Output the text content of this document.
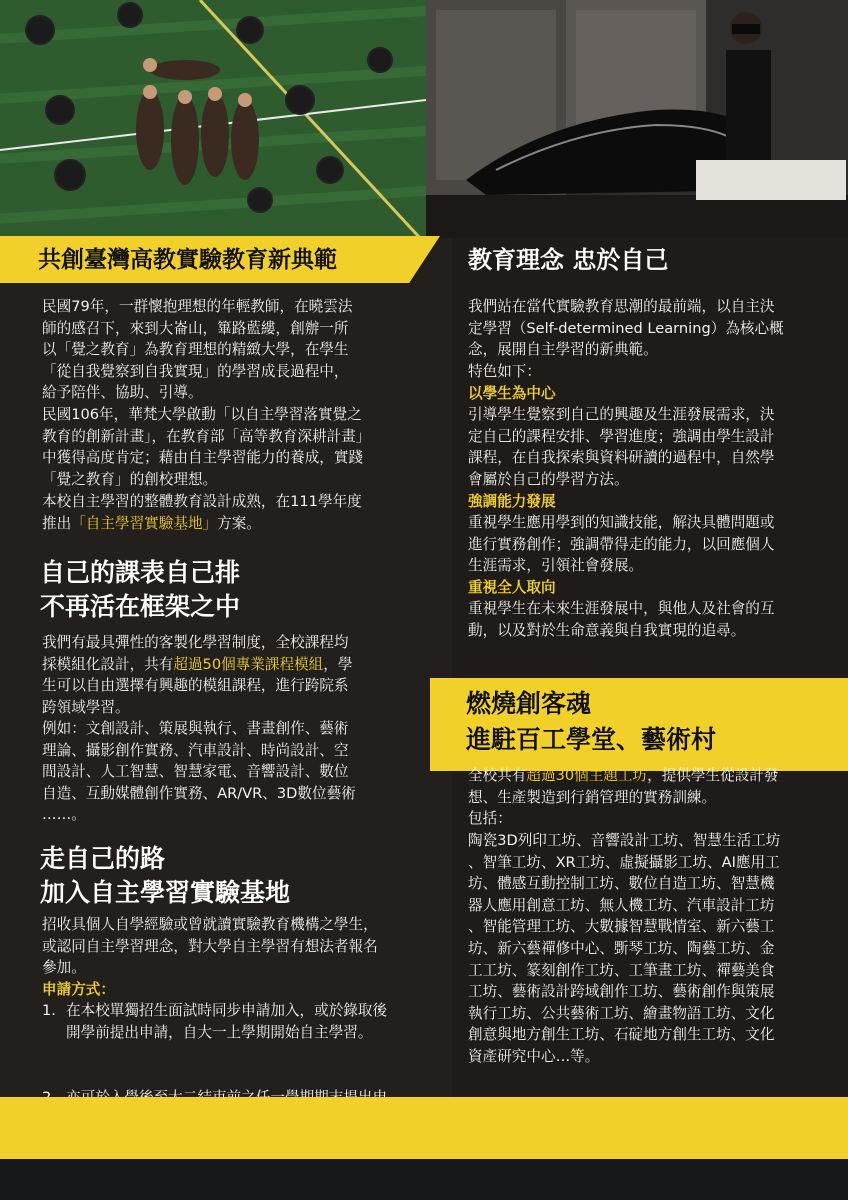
共創臺灣高教實驗教育新典範
民國79年，一群懷抱理想的年輕教師，在曉雲法
師的感召下，來到大崙山，篳路藍縷，創辦一所
以「覺之教育」為教育理想的精緻大學，在學生
「從自我覺察到自我實現」的學習成長過程中，
給予陪伴、協助、引導。
民國106年，華梵大學啟動「以自主學習落實覺之
教育的創新計畫」，在教育部「高等教育深耕計畫」
中獲得高度肯定；藉由自主學習能力的養成，實踐
「覺之教育」的創校理想。
本校自主學習的整體教育設計成熟，在111學年度
推出「自主學習實驗基地」方案。
自己的課表自己排
不再活在框架之中
我們有最具彈性的客製化學習制度，全校課程均
採模組化設計，共有超過50個專業課程模組，學
生可以自由選擇有興趣的模組課程，進行跨院系
跨領域學習。
例如：文創設計、策展與執行、書畫創作、藝術
理論、攝影創作實務、汽車設計、時尚設計、空
間設計、人工智慧、智慧家電、音響設計、數位
自造、互動媒體創作實務、AR/VR、3D數位藝術
……。
走自己的路
加入自主學習實驗基地
招收具個人自學經驗或曾就讀實驗教育機構之學生，
或認同自主學習理念，對大學自主學習有想法者報名
參加。
申請方式：
1. 在本校單獨招生面試時同步申請加入，或於錄取後
開學前提出申請，自大一上學期開始自主學習。
教育理念 忠於自己
我們站在當代實驗教育思潮的最前端，以自主決
定學習（Self-determined Learning）為核心概
念，展開自主學習的新典範。
特色如下：
以學生為中心
引導學生覺察到自己的興趣及生涯發展需求，決
定自己的課程安排、學習進度；強調由學生設計
課程，在自我探索與資料研讀的過程中，自然學
會屬於自己的學習方法。
強調能力發展
重視學生應用學到的知識技能，解決具體問題或
進行實務創作；強調帶得走的能力，以回應個人
生涯需求，引領社會發展。
重視全人取向
重視學生在未來生涯發展中，與他人及社會的互
動，以及對於生命意義與自我實現的追尋。
燃燒創客魂
進駐百工學堂、藝術村
全校共有超過30個主題工坊，提供學生從設計發
想、生產製造到行銷管理的實務訓練。
包括：
陶瓷3D列印工坊、音響設計工坊、智慧生活工坊
、智筆工坊、XR工坊、虛擬攝影工坊、AI應用工
坊、體感互動控制工坊、數位自造工坊、智慧機
器人應用創意工坊、無人機工坊、汽車設計工坊
、智能管理工坊、大數據智慧戰情室、新六藝工
坊、新六藝禪修中心、斲琴工坊、陶藝工坊、金
工工坊、篆刻創作工坊、工筆畫工坊、禪藝美食
工坊、藝術設計跨域創作工坊、藝術創作與策展
執行工坊、公共藝術工坊、繪畫物語工坊、文化
創意與地方創生工坊、石碇地方創生工坊、文化
資產研究中心…等。
